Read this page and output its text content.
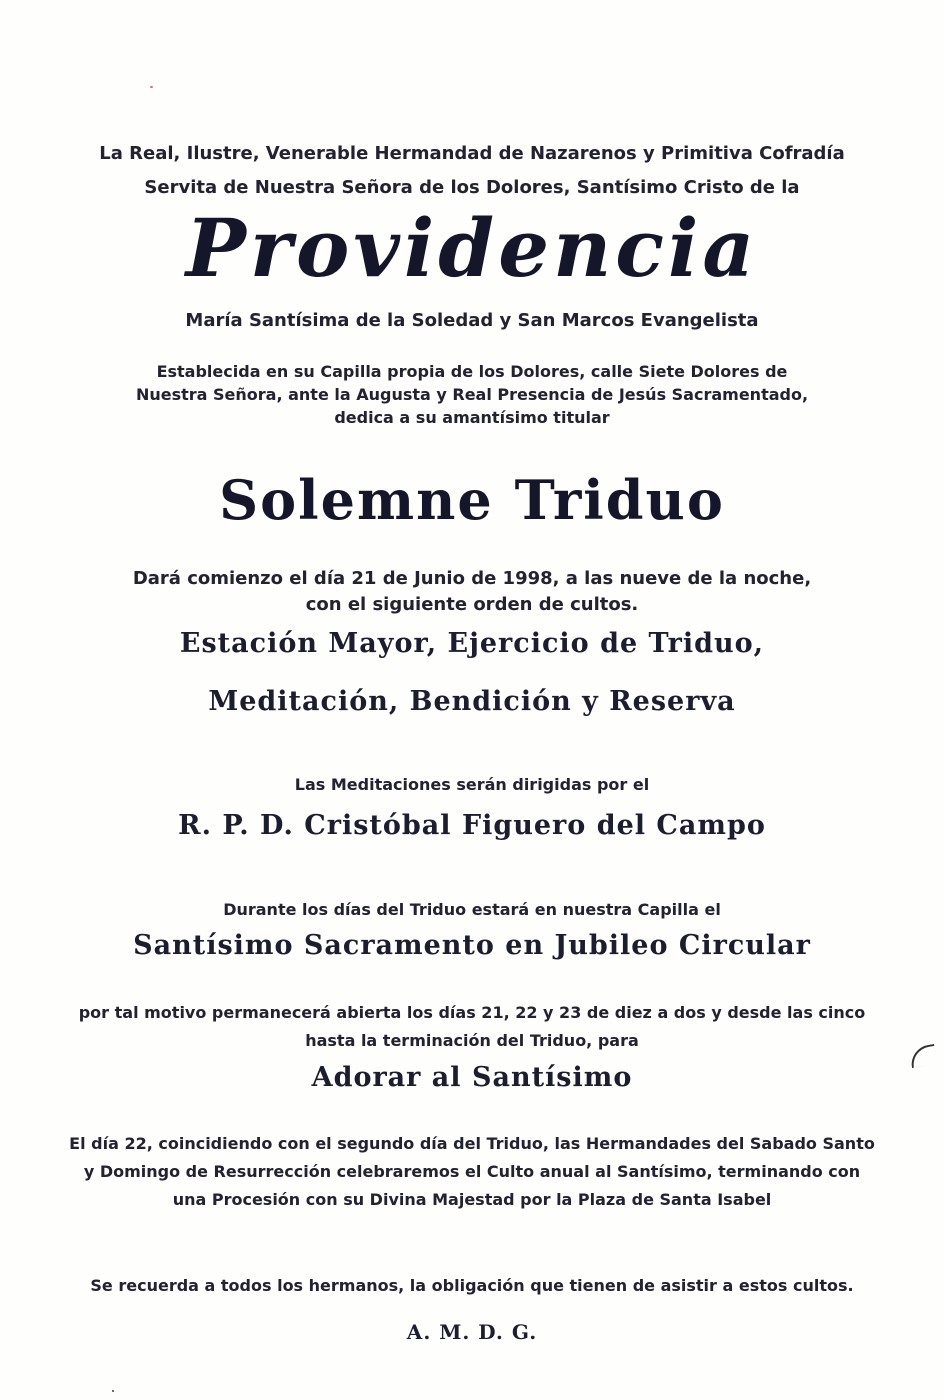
La Real, Ilustre, Venerable Hermandad de Nazarenos y Primitiva Cofradía
Servita de Nuestra Señora de los Dolores, Santísimo Cristo de la
Providencia
María Santísima de la Soledad y San Marcos Evangelista
Establecida en su Capilla propia de los Dolores, calle Siete Dolores de
Nuestra Señora, ante la Augusta y Real Presencia de Jesús Sacramentado,
dedica a su amantísimo titular
Solemne Triduo
Dará comienzo el día 21 de Junio de 1998, a las nueve de la noche,
con el siguiente orden de cultos.
Estación Mayor, Ejercicio de Triduo,
Meditación, Bendición y Reserva
Las Meditaciones serán dirigidas por el
R. P. D. Cristóbal Figuero del Campo
Durante los días del Triduo estará en nuestra Capilla el
Santísimo Sacramento en Jubileo Circular
por tal motivo permanecerá abierta los días 21, 22 y 23 de diez a dos y desde las cinco
hasta la terminación del Triduo, para
Adorar al Santísimo
El día 22, coincidiendo con el segundo día del Triduo, las Hermandades del Sabado Santo
y Domingo de Resurrección celebraremos el Culto anual al Santísimo, terminando con
una Procesión con su Divina Majestad por la Plaza de Santa Isabel
Se recuerda a todos los hermanos, la obligación que tienen de asistir a estos cultos.
A. M. D. G.
